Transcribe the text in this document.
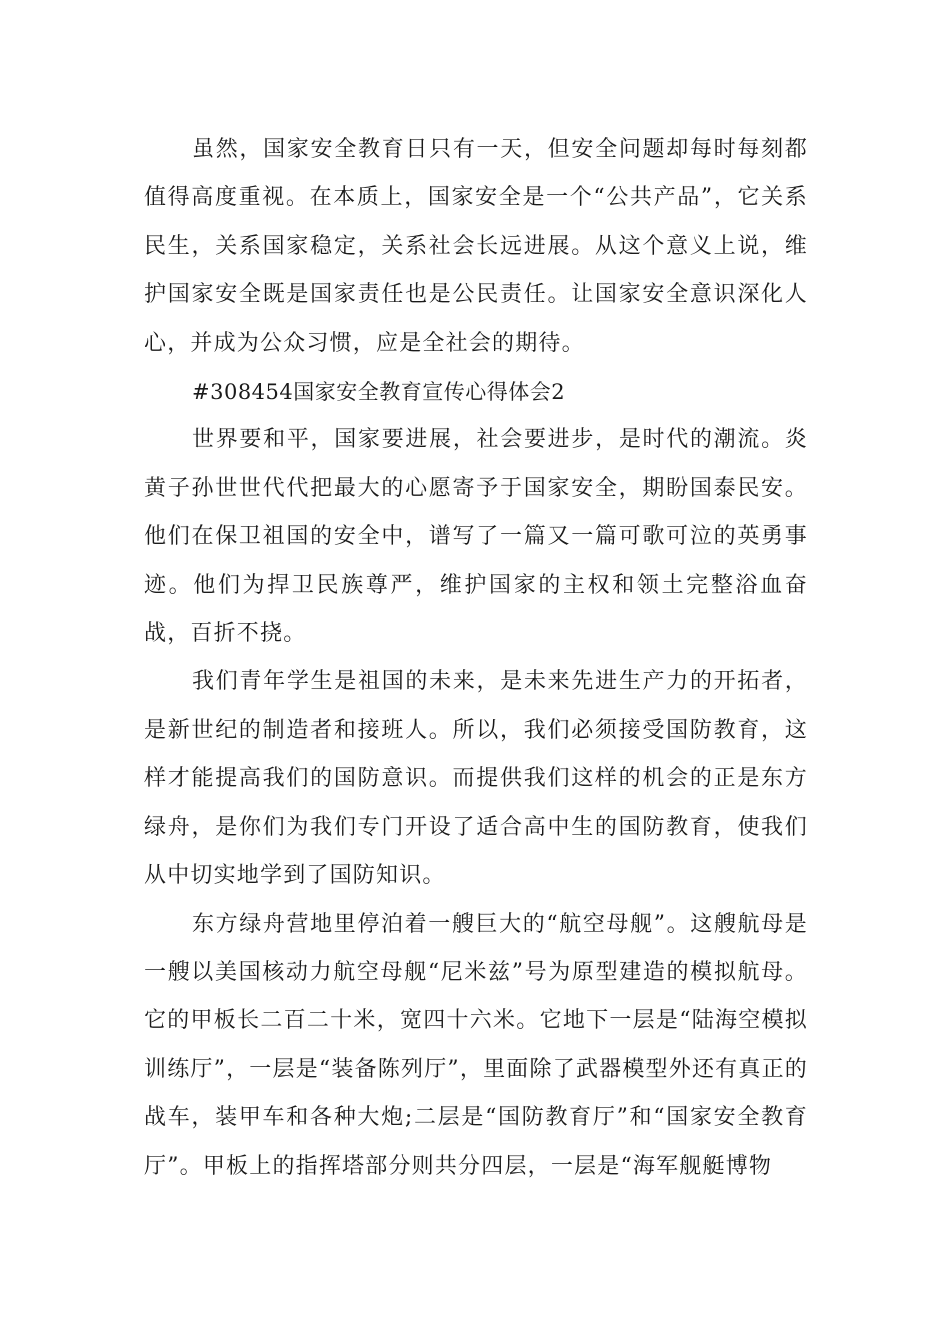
虽然，国家安全教育日只有一天，但安全问题却每时每刻都值得高度重视。在本质上，国家安全是一个“公共产品”，它关系民生，关系国家稳定，关系社会长远进展。从这个意义上说，维护国家安全既是国家责任也是公民责任。让国家安全意识深化人心，并成为公众习惯，应是全社会的期待。

#308454国家安全教育宣传心得体会2

世界要和平，国家要进展，社会要进步，是时代的潮流。炎黄子孙世世代代把最大的心愿寄予于国家安全，期盼国泰民安。他们在保卫祖国的安全中，谱写了一篇又一篇可歌可泣的英勇事迹。他们为捍卫民族尊严，维护国家的主权和领土完整浴血奋战，百折不挠。

我们青年学生是祖国的未来，是未来先进生产力的开拓者，是新世纪的制造者和接班人。所以，我们必须接受国防教育，这样才能提高我们的国防意识。而提供我们这样的机会的正是东方绿舟，是你们为我们专门开设了适合高中生的国防教育，使我们从中切实地学到了国防知识。

东方绿舟营地里停泊着一艘巨大的“航空母舰”。这艘航母是一艘以美国核动力航空母舰“尼米兹”号为原型建造的模拟航母。它的甲板长二百二十米，宽四十六米。它地下一层是“陆海空模拟训练厅”，一层是“装备陈列厅”，里面除了武器模型外还有真正的战车，装甲车和各种大炮;二层是“国防教育厅”和“国家安全教育厅”。甲板上的指挥塔部分则共分四层，一层是“海军舰艇博物
